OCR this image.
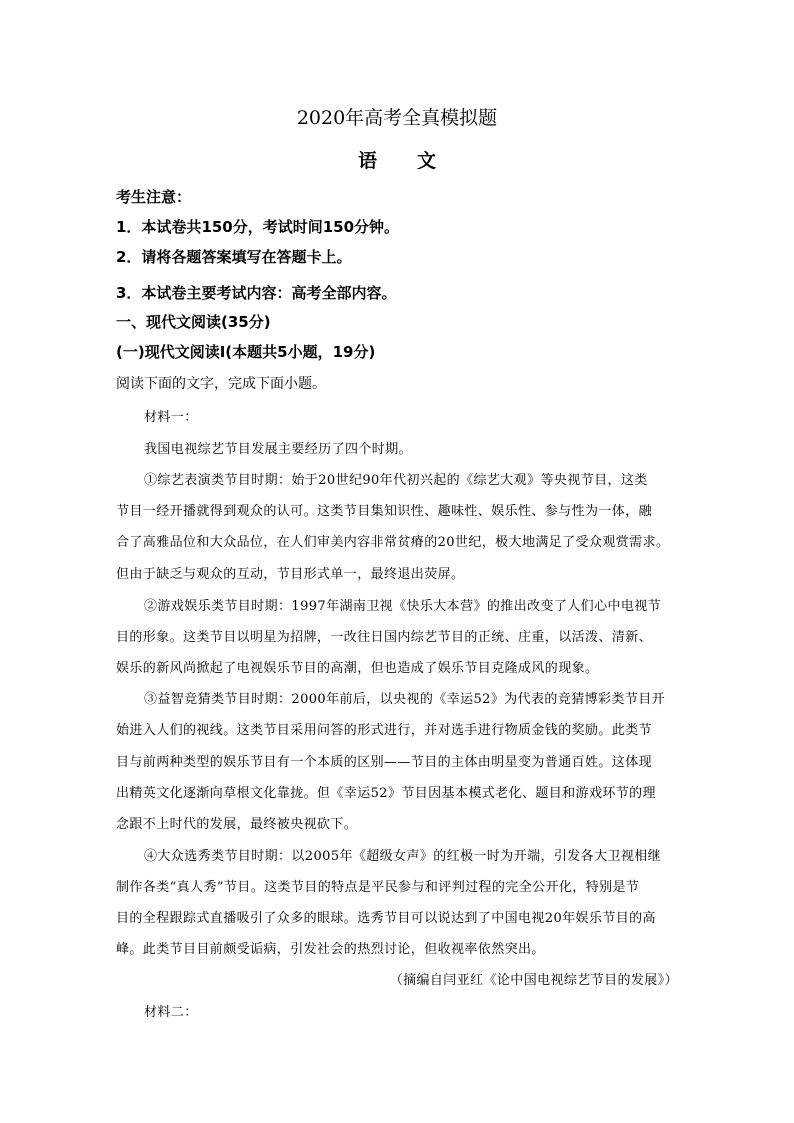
2020年高考全真模拟题
语 文
考生注意：
1．本试卷共150分，考试时间150分钟。
2．请将各题答案填写在答题卡上。
3．本试卷主要考试内容：高考全部内容。
一、现代文阅读(35分)
(一)现代文阅读Ⅰ(本题共5小题，19分)
阅读下面的文字，完成下面小题。
材料一：
我国电视综艺节目发展主要经历了四个时期。
①综艺表演类节目时期：始于20世纪90年代初兴起的《综艺大观》等央视节目，这类
节目一经开播就得到观众的认可。这类节目集知识性、趣味性、娱乐性、参与性为一体，融
合了高雅品位和大众品位，在人们审美内容非常贫瘠的20世纪，极大地满足了受众观赏需求。
但由于缺乏与观众的互动，节目形式单一，最终退出荧屏。
②游戏娱乐类节目时期：1997年湖南卫视《快乐大本营》的推出改变了人们心中电视节
目的形象。这类节目以明星为招牌，一改往日国内综艺节目的正统、庄重，以活泼、清新、
娱乐的新风尚掀起了电视娱乐节目的高潮，但也造成了娱乐节目克隆成风的现象。
③益智竞猜类节目时期：2000年前后，以央视的《幸运52》为代表的竞猜博彩类节目开
始进入人们的视线。这类节目采用问答的形式进行，并对选手进行物质金钱的奖励。此类节
目与前两种类型的娱乐节目有一个本质的区别——节目的主体由明星变为普通百姓。这体现
出精英文化逐渐向草根文化靠拢。但《幸运52》节目因基本模式老化、题目和游戏环节的理
念跟不上时代的发展，最终被央视砍下。
④大众选秀类节目时期：以2005年《超级女声》的红极一时为开端，引发各大卫视相继
制作各类“真人秀”节目。这类节目的特点是平民参与和评判过程的完全公开化，特别是节
目的全程跟踪式直播吸引了众多的眼球。选秀节目可以说达到了中国电视20年娱乐节目的高
峰。此类节目目前颇受诟病，引发社会的热烈讨论，但收视率依然突出。
（摘编自闫亚红《论中国电视综艺节目的发展》）
材料二：
